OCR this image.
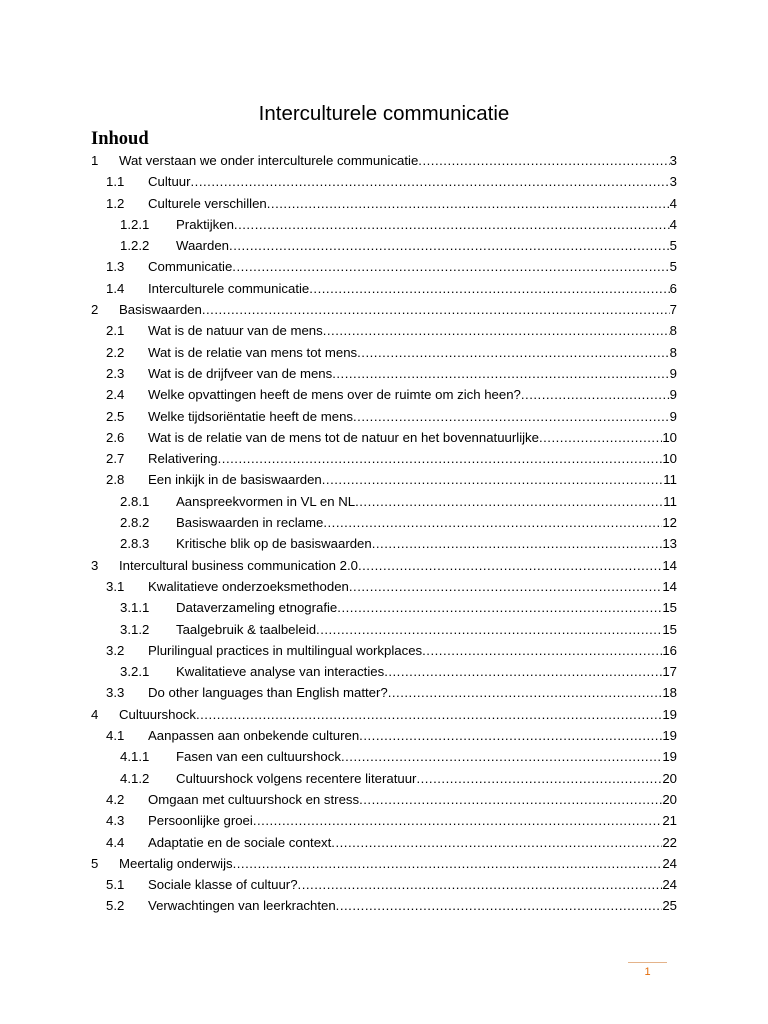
Interculturele communicatie
Inhoud
1 Wat verstaan we onder interculturele communicatie .....	3
1.1 Cultuur .....	3
1.2 Culturele verschillen .....	4
1.2.1 Praktijken .....	4
1.2.2 Waarden .....	5
1.3 Communicatie .....	5
1.4 Interculturele communicatie .....	6
2 Basiswaarden .....	7
2.1 Wat is de natuur van de mens .....	8
2.2 Wat is de relatie van mens tot mens .....	8
2.3 Wat is de drijfveer van de mens .....	9
2.4 Welke opvattingen heeft de mens over de ruimte om zich heen? .....	9
2.5 Welke tijdsoriëntatie heeft de mens .....	9
2.6 Wat is de relatie van de mens tot de natuur en het bovennatuurlijke .....	10
2.7 Relativering .....	10
2.8 Een inkijk in de basiswaarden .....	11
2.8.1 Aanspreekvormen in VL en NL .....	11
2.8.2 Basiswaarden in reclame .....	12
2.8.3 Kritische blik op de basiswaarden .....	13
3 Intercultural business communication 2.0 .....	14
3.1 Kwalitatieve onderzoeksmethoden .....	14
3.1.1 Dataverzameling etnografie .....	15
3.1.2 Taalgebruik & taalbeleid .....	15
3.2 Plurilingual practices in multilingual workplaces .....	16
3.2.1 Kwalitatieve analyse van interacties .....	17
3.3 Do other languages than English matter? .....	18
4 Cultuurshock .....	19
4.1 Aanpassen aan onbekende culturen .....	19
4.1.1 Fasen van een cultuurshock .....	19
4.1.2 Cultuurshock volgens recentere literatuur .....	20
4.2 Omgaan met cultuurshock en stress .....	20
4.3 Persoonlijke groei .....	21
4.4 Adaptatie en de sociale context .....	22
5 Meertalig onderwijs .....	24
5.1 Sociale klasse of cultuur? .....	24
5.2 Verwachtingen van leerkrachten .....	25
1
